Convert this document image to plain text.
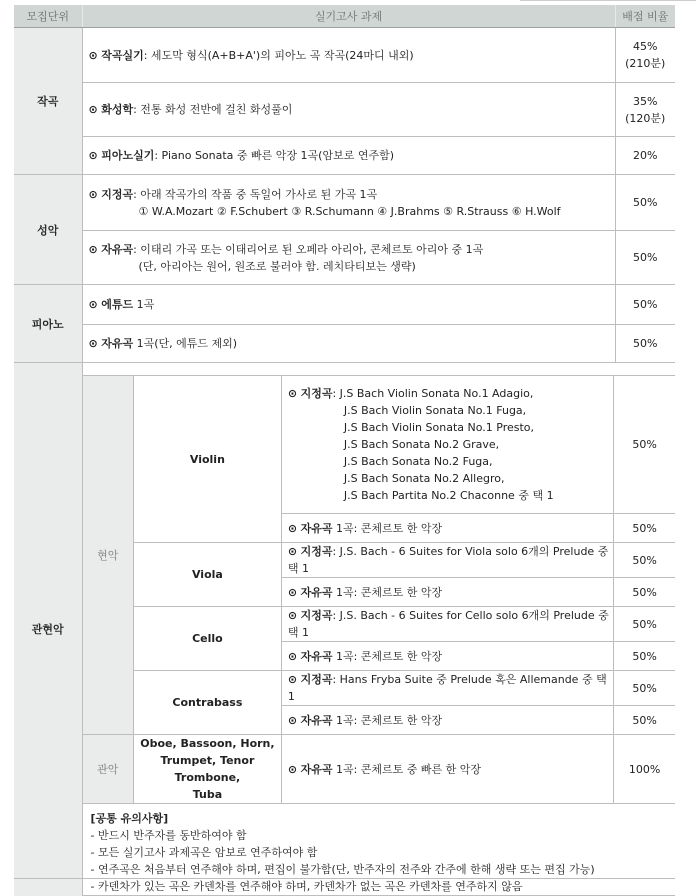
모집단위	실기고사 과제	배점 비율
작곡	⊙ 작곡실기: 세도막 형식(A+B+A')의 피아노 곡 작곡(24마디 내외)	45%
(210분)
⊙ 화성학: 전통 화성 전반에 걸친 화성풀이	35%
(120분)
⊙ 피아노실기: Piano Sonata 중 빠른 악장 1곡(암보로 연주함)	20%
성악	⊙ 지정곡: 아래 작곡가의 작품 중 독일어 가사로 된 가곡 1곡
① W.A.Mozart ② F.Schubert ③ R.Schumann ④ J.Brahms ⑤ R.Strauss ⑥ H.Wolf
	50%
⊙ 자유곡: 이태리 가곡 또는 이태리어로 된 오페라 아리아, 콘체르토 아리아 중 1곡
(단, 아리아는 원어, 원조로 불러야 함. 레치타티보는 생략)
	50%
피아노	⊙ 에튜드 1곡	50%
⊙ 자유곡 1곡(단, 에튜드 제외)	50%
관현악	
현악	Violin	⊙ 지정곡: J.S Bach Violin Sonata No.1 Adagio,
J.S Bach Violin Sonata No.1 Fuga,
J.S Bach Violin Sonata No.1 Presto,
J.S Bach Sonata No.2 Grave,
J.S Bach Sonata No.2 Fuga,
J.S Bach Sonata No.2 Allegro,
J.S Bach Partita No.2 Chaconne 중 택 1
	50%
⊙ 자유곡 1곡: 콘체르토 한 악장	50%
Viola	⊙ 지정곡: J.S. Bach - 6 Suites for Viola solo 6개의 Prelude 중 택 1	50%
⊙ 자유곡 1곡: 콘체르토 한 악장	50%
Cello	⊙ 지정곡: J.S. Bach - 6 Suites for Cello solo 6개의 Prelude 중 택 1	50%
⊙ 자유곡 1곡: 콘체르토 한 악장	50%
Contrabass	⊙ 지정곡: Hans Fryba Suite 중 Prelude 혹은 Allemande 중 택 1	50%
⊙ 자유곡 1곡: 콘체르토 한 악장	50%
관악	Oboe, Bassoon, Horn,
Trumpet, Tenor Trombone,
Tuba	⊙ 자유곡 1곡: 콘체르토 중 빠른 한 악장	100%
[공통 유의사항]
- 반드시 반주자를 동반하여야 함
- 모든 실기고사 과제곡은 암보로 연주하여야 함
- 연주곡은 처음부터 연주해야 하며, 편집이 불가함(단, 반주자의 전주와 간주에 한해 생략 또는 편집 가능)
- 카덴차가 있는 곡은 카덴차를 연주해야 하며, 카덴차가 없는 곡은 카덴차를 연주하지 않음
